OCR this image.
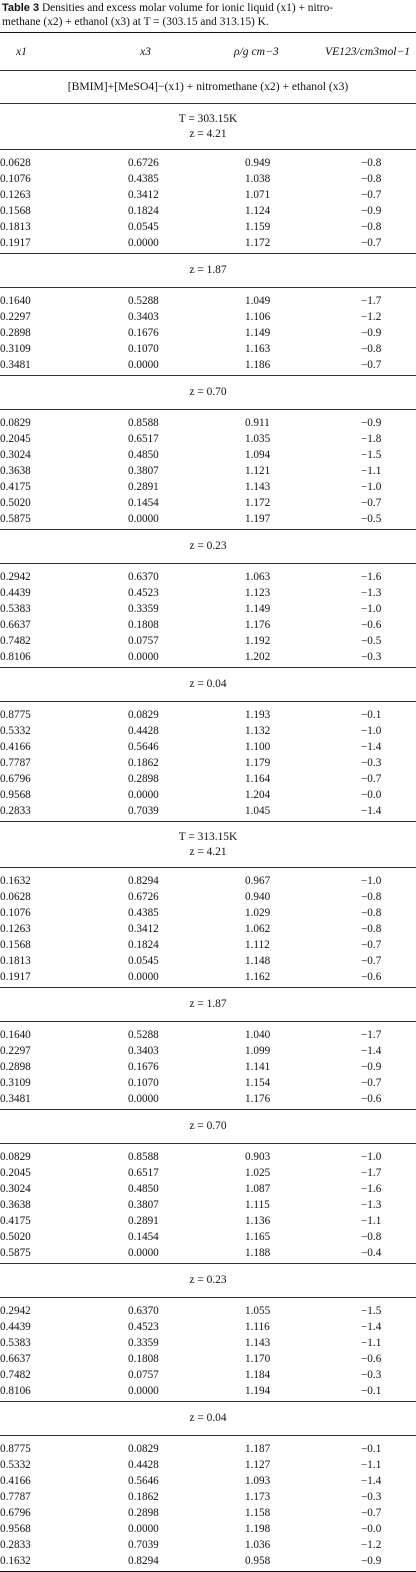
Table 3 Densities and excess molar volume for ionic liquid (x1) + nitro-
methane (x2) + ethanol (x3) at T = (303.15 and 313.15) K.
x1	x3	ρ/g cm−3	VE123/cm3mol−1
[BMIM]+[MeSO4]−(x1) + nitromethane (x2) + ethanol (x3)
T = 303.15K
z = 4.21
0.0628	0.6726	0.949	−0.8
0.1076	0.4385	1.038	−0.8
0.1263	0.3412	1.071	−0.7
0.1568	0.1824	1.124	−0.9
0.1813	0.0545	1.159	−0.8
0.1917	0.0000	1.172	−0.7
z = 1.87
0.1640	0.5288	1.049	−1.7
0.2297	0.3403	1.106	−1.2
0.2898	0.1676	1.149	−0.9
0.3109	0.1070	1.163	−0.8
0.3481	0.0000	1.186	−0.7
z = 0.70
0.0829	0.8588	0.911	−0.9
0.2045	0.6517	1.035	−1.8
0.3024	0.4850	1.094	−1.5
0.3638	0.3807	1.121	−1.1
0.4175	0.2891	1.143	−1.0
0.5020	0.1454	1.172	−0.7
0.5875	0.0000	1.197	−0.5
z = 0.23
0.2942	0.6370	1.063	−1.6
0.4439	0.4523	1.123	−1.3
0.5383	0.3359	1.149	−1.0
0.6637	0.1808	1.176	−0.6
0.7482	0.0757	1.192	−0.5
0.8106	0.0000	1.202	−0.3
z = 0.04
0.8775	0.0829	1.193	−0.1
0.5332	0.4428	1.132	−1.0
0.4166	0.5646	1.100	−1.4
0.7787	0.1862	1.179	−0.3
0.6796	0.2898	1.164	−0.7
0.9568	0.0000	1.204	−0.0
0.2833	0.7039	1.045	−1.4
T = 313.15K
z = 4.21
0.1632	0.8294	0.967	−1.0
0.0628	0.6726	0.940	−0.8
0.1076	0.4385	1.029	−0.8
0.1263	0.3412	1.062	−0.8
0.1568	0.1824	1.112	−0.7
0.1813	0.0545	1.148	−0.7
0.1917	0.0000	1.162	−0.6
z = 1.87
0.1640	0.5288	1.040	−1.7
0.2297	0.3403	1.099	−1.4
0.2898	0.1676	1.141	−0.9
0.3109	0.1070	1.154	−0.7
0.3481	0.0000	1.176	−0.6
z = 0.70
0.0829	0.8588	0.903	−1.0
0.2045	0.6517	1.025	−1.7
0.3024	0.4850	1.087	−1.6
0.3638	0.3807	1.115	−1.3
0.4175	0.2891	1.136	−1.1
0.5020	0.1454	1.165	−0.8
0.5875	0.0000	1.188	−0.4
z = 0.23
0.2942	0.6370	1.055	−1.5
0.4439	0.4523	1.116	−1.4
0.5383	0.3359	1.143	−1.1
0.6637	0.1808	1.170	−0.6
0.7482	0.0757	1.184	−0.3
0.8106	0.0000	1.194	−0.1
z = 0.04
0.8775	0.0829	1.187	−0.1
0.5332	0.4428	1.127	−1.1
0.4166	0.5646	1.093	−1.4
0.7787	0.1862	1.173	−0.3
0.6796	0.2898	1.158	−0.7
0.9568	0.0000	1.198	−0.0
0.2833	0.7039	1.036	−1.2
0.1632	0.8294	0.958	−0.9
